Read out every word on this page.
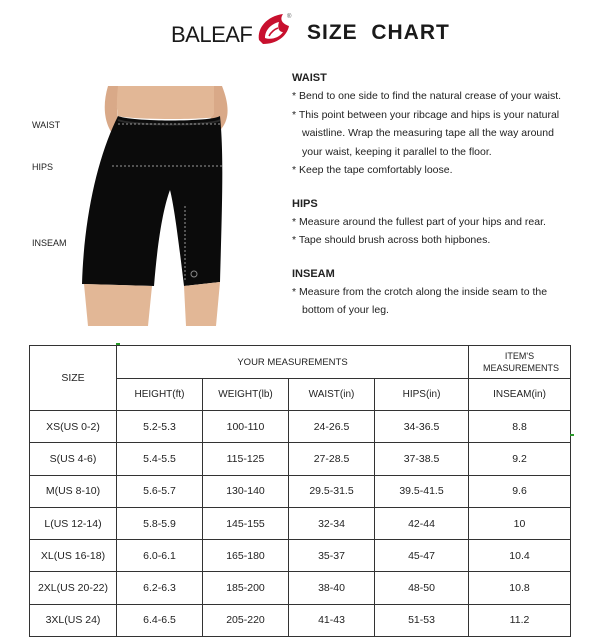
BALEAF
®
SIZE  CHART
WAIST
HIPS
INSEAM

WAIST

* Bend to one side to find the natural crease of your waist.
* This point between your ribcage and hips is your natural
waistline. Wrap the measuring tape all the way around
your waist, keeping it parallel to the floor.
* Keep the tape comfortably loose.

HIPS

* Measure around the fullest part of your hips and rear.
* Tape should brush across both hipbones.

INSEAM

* Measure from the crotch along the inside seam to the
bottom of your leg.
SIZE	YOUR MEASUREMENTS				ITEM'S MEASUREMENTS
	HEIGHT(ft)	WEIGHT(lb)	WAIST(in)	HIPS(in)	INSEAM(in)
XS(US 0-2)	5.2-5.3	100-110	24-26.5	34-36.5	8.8
S(US 4-6)	5.4-5.5	115-125	27-28.5	37-38.5	9.2
M(US 8-10)	5.6-5.7	130-140	29.5-31.5	39.5-41.5	9.6
L(US 12-14)	5.8-5.9	145-155	32-34	42-44	10
XL(US 16-18)	6.0-6.1	165-180	35-37	45-47	10.4
2XL(US 20-22)	6.2-6.3	185-200	38-40	48-50	10.8
3XL(US 24)	6.4-6.5	205-220	41-43	51-53	11.2
